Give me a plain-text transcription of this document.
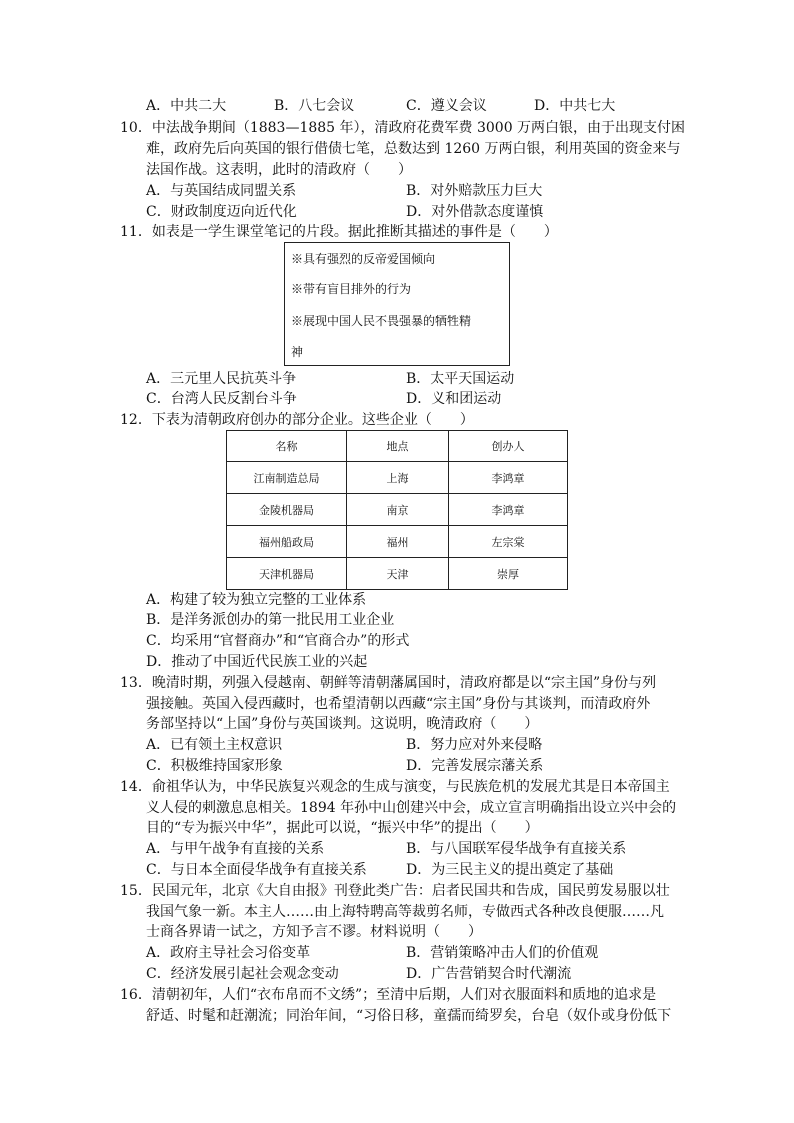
A．中共二大	B．八七会议	C．遵义会议	D．中共七大
10．中法战争期间（1883—1885 年），清政府花费军费 3000 万两白银，由于出现支付困
难，政府先后向英国的银行借债七笔，总数达到 1260 万两白银，利用英国的资金来与
法国作战。这表明，此时的清政府（　　）
A．与英国结成同盟关系	B．对外赔款压力巨大
C．财政制度迈向近代化	D．对外借款态度谨慎
11．如表是一学生课堂笔记的片段。据此推断其描述的事件是（　　）
※具有强烈的反帝爱国倾向
※带有盲目排外的行为
※展现中国人民不畏强暴的牺牲精
神
A．三元里人民抗英斗争	B．太平天国运动
C．台湾人民反割台斗争	D．义和团运动
12．下表为清朝政府创办的部分企业。这些企业（　　）
名称	地点	创办人
江南制造总局	上海	李鸿章
金陵机器局	南京	李鸿章
福州船政局	福州	左宗棠
天津机器局	天津	崇厚
A．构建了较为独立完整的工业体系
B．是洋务派创办的第一批民用工业企业
C．均采用“官督商办”和“官商合办”的形式
D．推动了中国近代民族工业的兴起
13．晚清时期，列强入侵越南、朝鲜等清朝藩属国时，清政府都是以“宗主国”身份与列
强接触。英国入侵西藏时，也希望清朝以西藏“宗主国”身份与其谈判，而清政府外
务部坚持以“上国”身份与英国谈判。这说明，晚清政府（　　）
A．已有领土主权意识	B．努力应对外来侵略
C．积极维持国家形象	D．完善发展宗藩关系
14．俞祖华认为，中华民族复兴观念的生成与演变，与民族危机的发展尤其是日本帝国主
义人侵的刺激息息相关。1894 年孙中山创建兴中会，成立宣言明确指出设立兴中会的
目的“专为振兴中华”，据此可以说，“振兴中华”的提出（　　）
A．与甲午战争有直接的关系	B．与八国联军侵华战争有直接关系
C．与日本全面侵华战争有直接关系	D．为三民主义的提出奠定了基础
15．民国元年，北京《大自由报》刊登此类广告：启者民国共和告成，国民剪发易服以壮
我国气象一新。本主人……由上海特聘高等裁剪名师，专做西式各种改良便服……凡
士商各界请一试之，方知予言不谬。材料说明（　　）
A．政府主导社会习俗变革	B．营销策略冲击人们的价值观
C．经济发展引起社会观念变动	D．广告营销契合时代潮流
16．清朝初年，人们“衣布帛而不文绣”；至清中后期，人们对衣服面料和质地的追求是
舒适、时髦和赶潮流；同治年间，“习俗日移，童孺而绮罗矣，台皂（奴仆或身份低下
